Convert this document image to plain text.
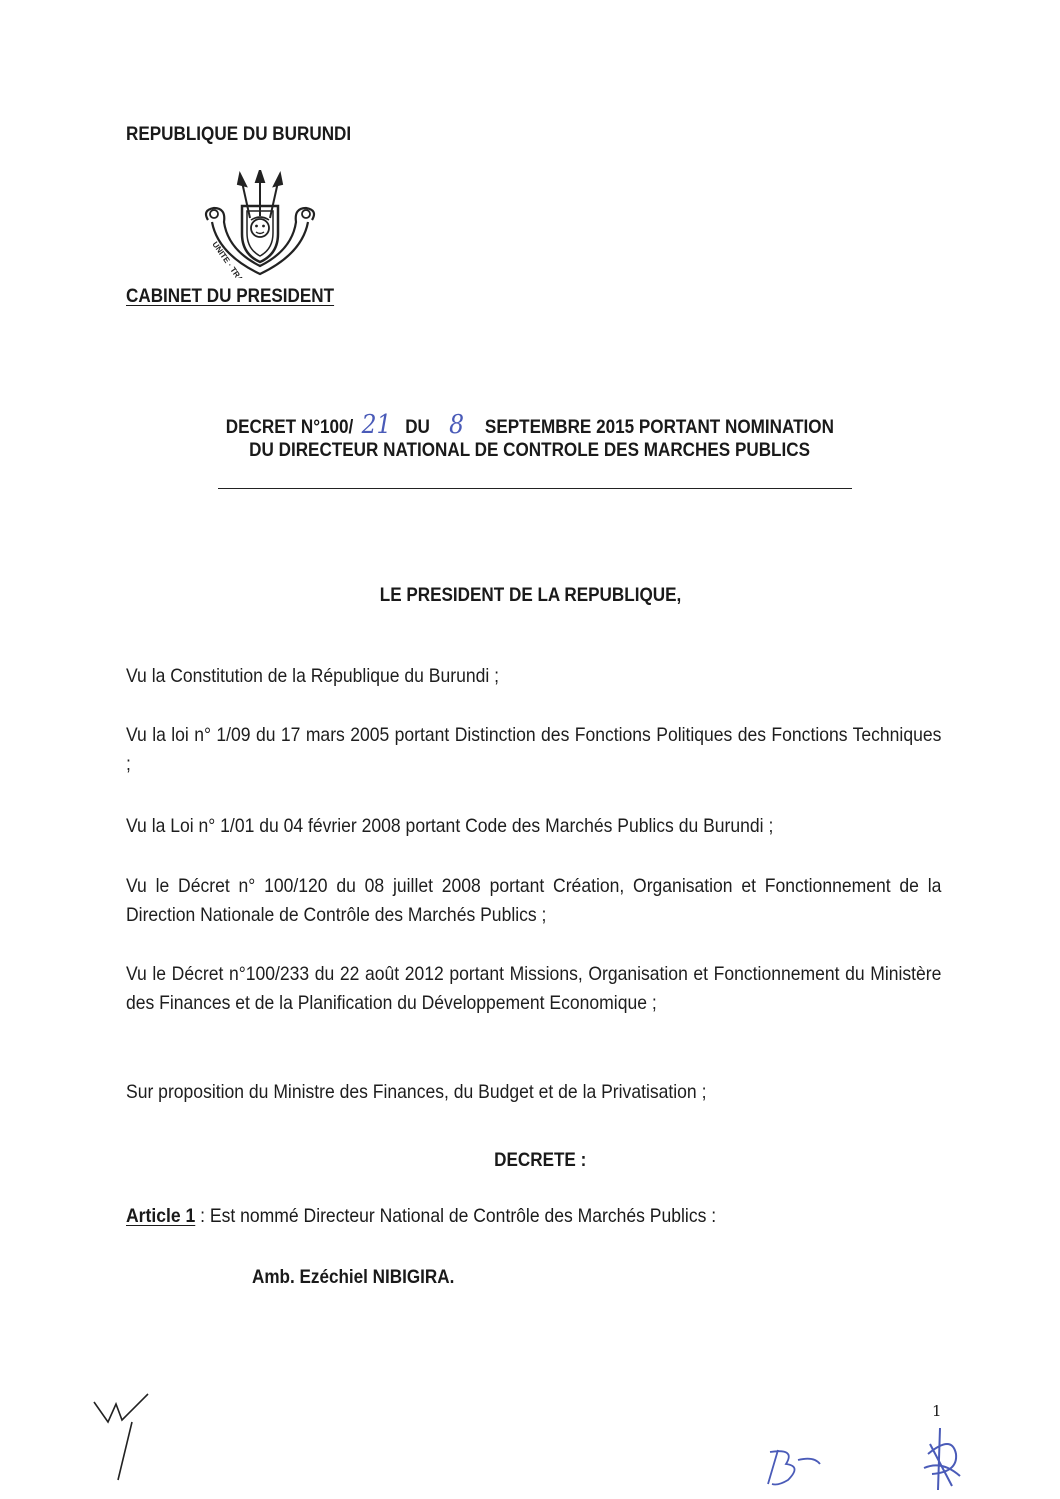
REPUBLIQUE DU BURUNDI
CABINET DU PRESIDENT
DECRET N°100/ 21 DU 8 SEPTEMBRE 2015 PORTANT NOMINATION
DU DIRECTEUR NATIONAL DE CONTROLE DES MARCHES PUBLICS
LE PRESIDENT DE LA REPUBLIQUE,
Vu la Constitution de la République du Burundi ;
Vu la loi n° 1/09 du 17 mars 2005 portant Distinction des Fonctions Politiques des Fonctions Techniques ;
Vu la Loi n° 1/01 du 04 février 2008 portant Code des Marchés Publics du Burundi ;
Vu le Décret n° 100/120 du 08 juillet 2008 portant Création, Organisation et Fonctionnement de la Direction Nationale de Contrôle des Marchés Publics ;
Vu le Décret n°100/233 du 22 août 2012 portant Missions, Organisation et Fonctionnement du Ministère des Finances et de la Planification du Développement Economique ;
Sur proposition du Ministre des Finances, du Budget et de la Privatisation ;
DECRETE :
Article 1 : Est nommé Directeur National de Contrôle des Marchés Publics :
Amb. Ezéchiel NIBIGIRA.
1
